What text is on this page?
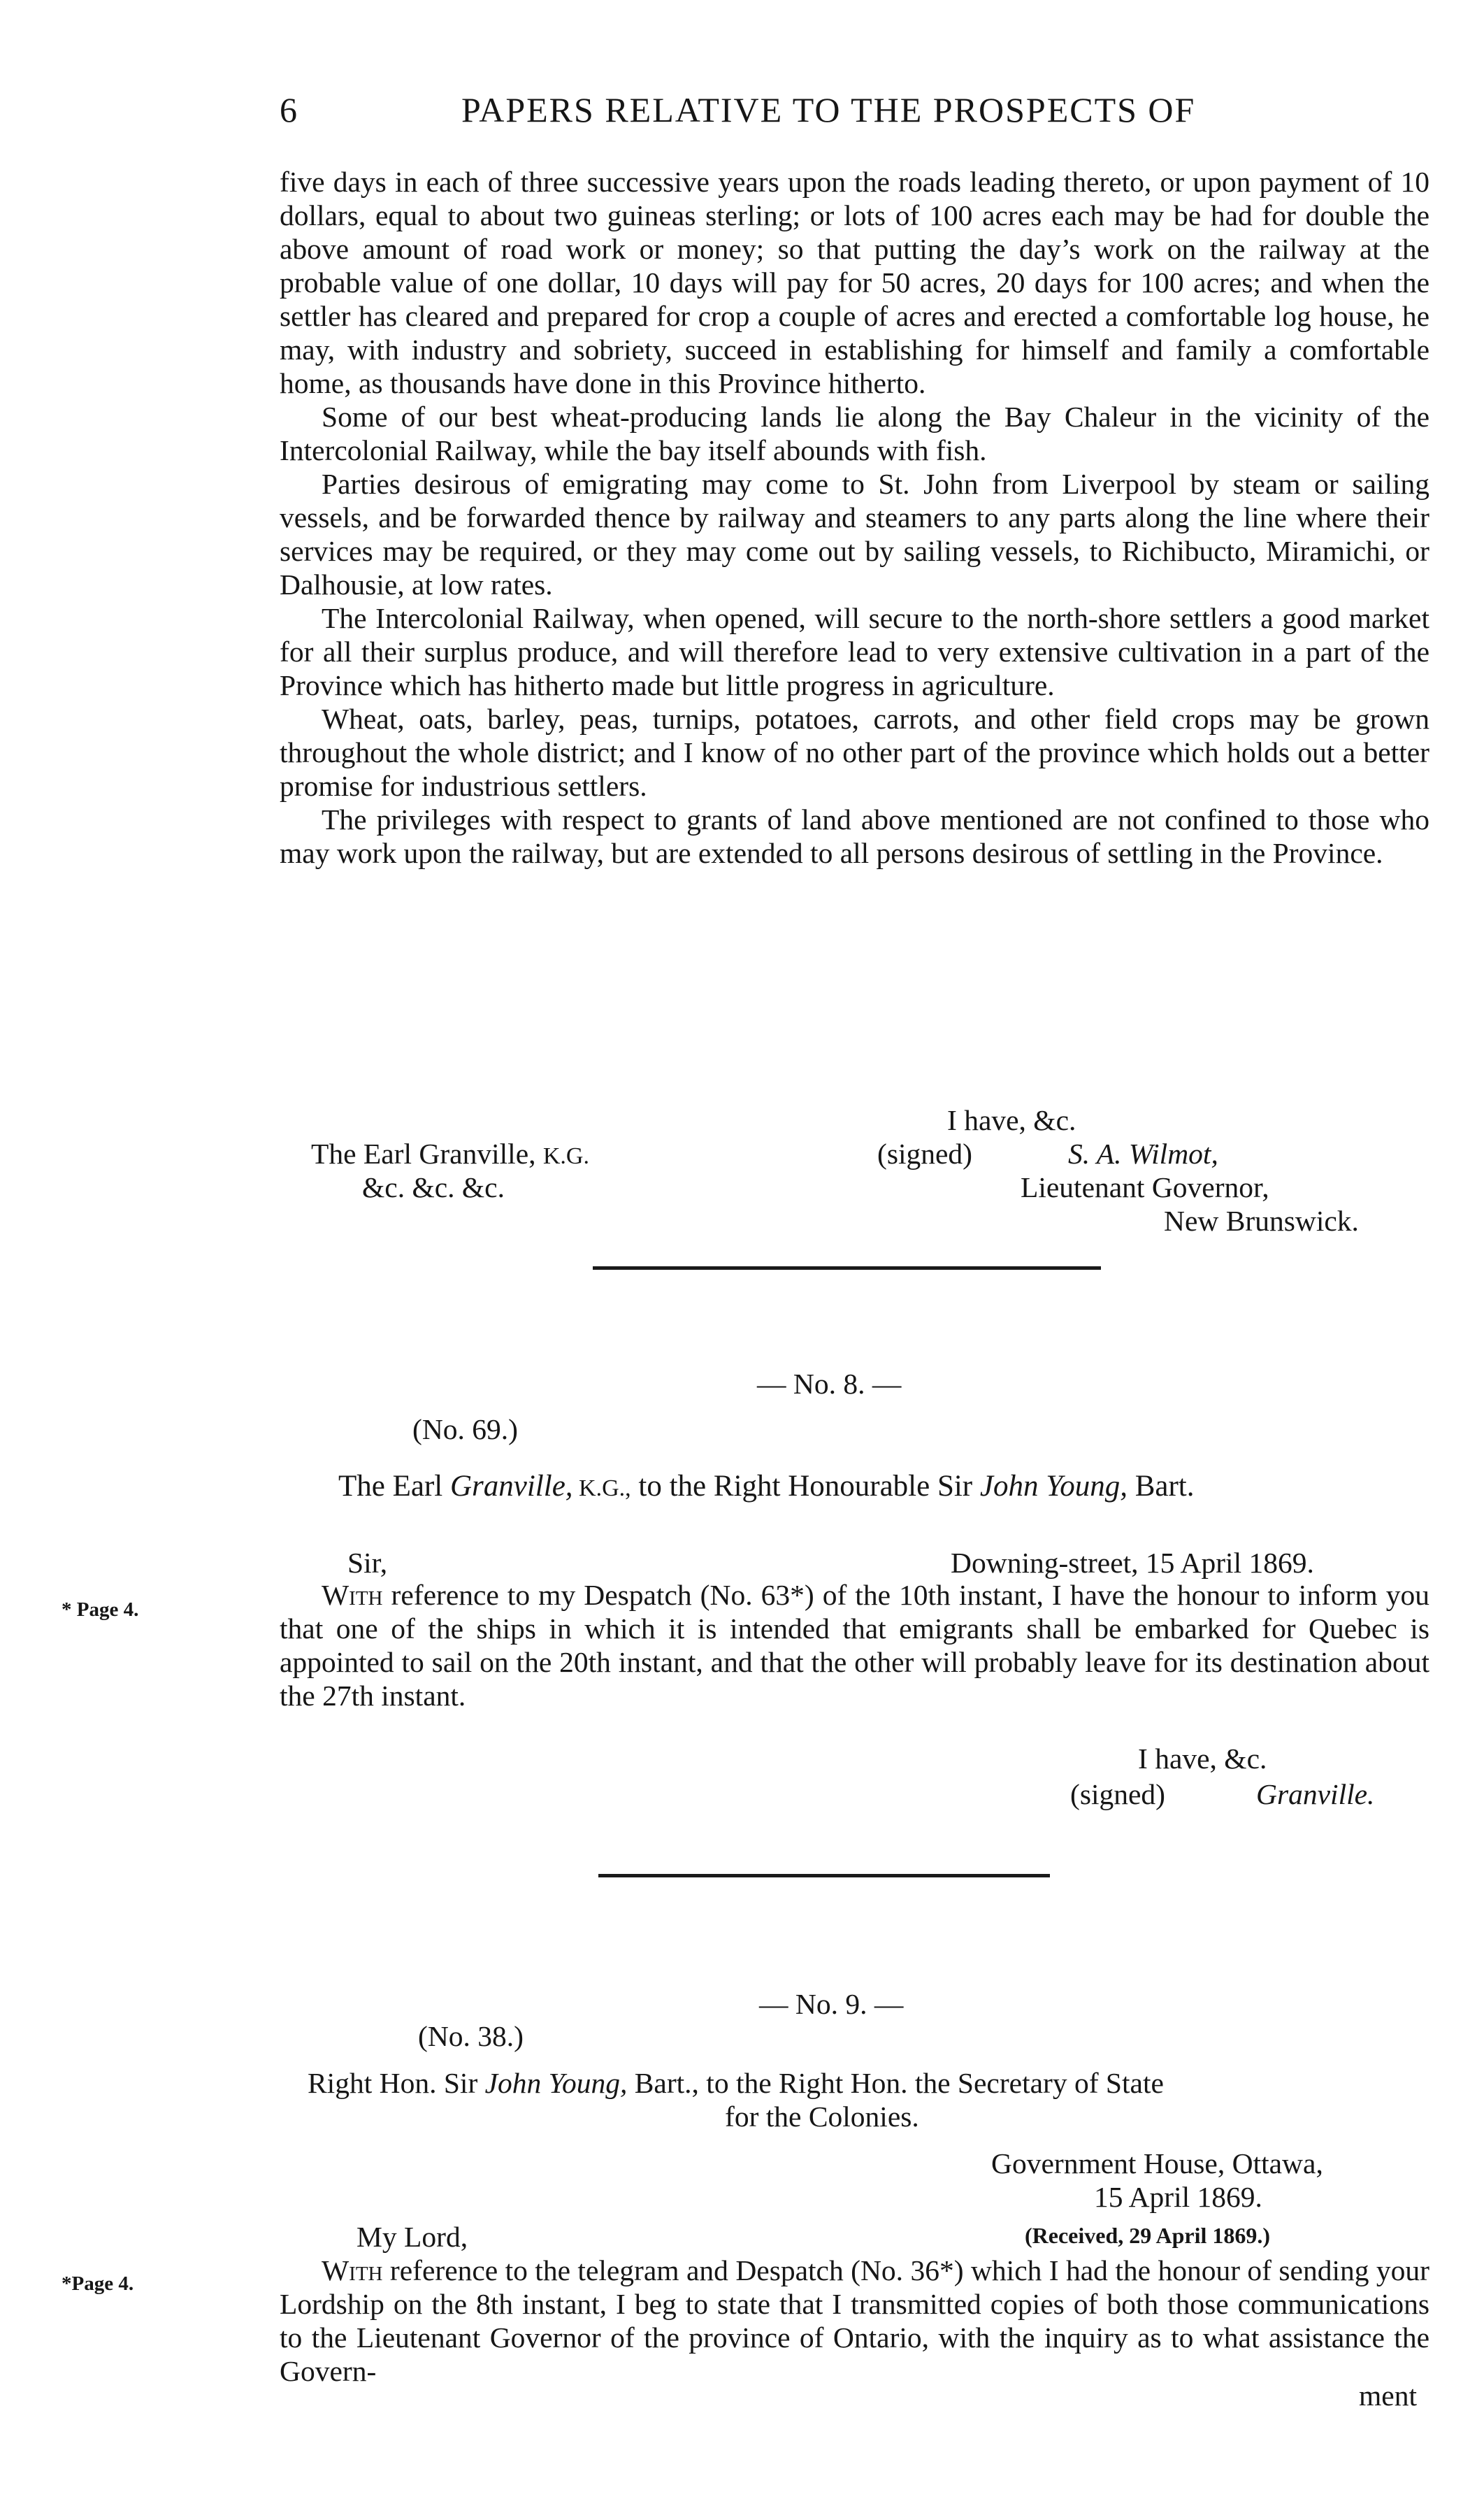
6	PAPERS RELATIVE TO THE PROSPECTS OF

five days in each of three successive years upon the roads leading thereto, or upon payment of 10 dollars, equal to about two guineas sterling; or lots of 100 acres each may be had for double the above amount of road work or money; so that putting the day’s work on the railway at the probable value of one dollar, 10 days will pay for 50 acres, 20 days for 100 acres; and when the settler has cleared and prepared for crop a couple of acres and erected a comfortable log house, he may, with industry and sobriety, succeed in establishing for himself and family a comfortable home, as thousands have done in this Province hitherto.

Some of our best wheat-producing lands lie along the Bay Chaleur in the vicinity of the Intercolonial Railway, while the bay itself abounds with fish.

Parties desirous of emigrating may come to St. John from Liverpool by steam or sailing vessels, and be forwarded thence by railway and steamers to any parts along the line where their services may be required, or they may come out by sailing vessels, to Richibucto, Miramichi, or Dalhousie, at low rates.

The Intercolonial Railway, when opened, will secure to the north-shore settlers a good market for all their surplus produce, and will therefore lead to very extensive cultivation in a part of the Province which has hitherto made but little progress in agriculture.

Wheat, oats, barley, peas, turnips, potatoes, carrots, and other field crops may be grown throughout the whole district; and I know of no other part of the province which holds out a better promise for industrious settlers.

The privileges with respect to grants of land above mentioned are not confined to those who may work upon the railway, but are extended to all persons desirous of settling in the Province.

I have, &c.
(signed)	S. A. Wilmot,
Lieutenant Governor,
New Brunswick.
The Earl Granville, K.G.
&c. &c. &c.
— No. 8. —
(No. 69.)
The Earl Granville, K.G., to the Right Honourable Sir John Young, Bart.
Sir,	Downing-street, 15 April 1869.
* Page 4.	With reference to my Despatch (No. 63*) of the 10th instant, I have the honour to inform you that one of the ships in which it is intended that emigrants shall be embarked for Quebec is appointed to sail on the 20th instant, and that the other will probably leave for its destination about the 27th instant.

I have, &c.
(signed)	Granville.
— No. 9. —
(No. 38.)
Right Hon. Sir John Young, Bart., to the Right Hon. the Secretary of State
for the Colonies.
Government House, Ottawa,
15 April 1869.
(Received, 29 April 1869.)
My Lord,
*Page 4.	With reference to the telegram and Despatch (No. 36*) which I had the honour of sending your Lordship on the 8th instant, I beg to state that I transmitted copies of both those communications to the Lieutenant Governor of the province of Ontario, with the inquiry as to what assistance the Govern-

ment
